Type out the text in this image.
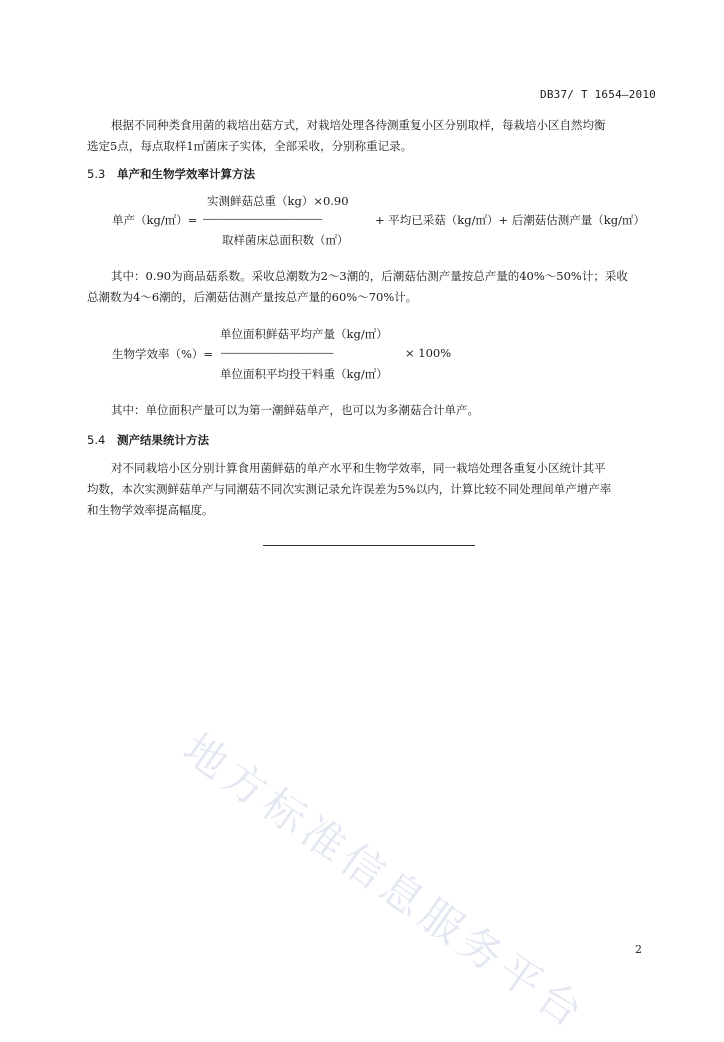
DB37/ T 1654—2010
根据不同种类食用菌的栽培出菇方式，对栽培处理各待测重复小区分别取样，每栽培小区自然均衡
选定5点，每点取样1㎡菌床子实体，全部采收，分别称重记录。
5.3 单产和生物学效率计算方法
实测鲜菇总重（kg）×0.90
单产（kg/㎡）= ——————————————————	+ 平均已采菇（kg/㎡）+ 后潮菇估测产量（kg/㎡）
取样菌床总面积数（㎡）
其中：0.90为商品菇系数。采收总潮数为2～3潮的，后潮菇估测产量按总产量的40%～50%计；采收
总潮数为4～6潮的，后潮菇估测产量按总产量的60%～70%计。
单位面积鲜菇平均产量（kg/㎡）
生物学效率（%）= —————————————————	× 100%
单位面积平均投干料重（kg/㎡）
其中：单位面积产量可以为第一潮鲜菇单产，也可以为多潮菇合计单产。
5.4 测产结果统计方法
对不同栽培小区分别计算食用菌鲜菇的单产水平和生物学效率，同一栽培处理各重复小区统计其平
均数，本次实测鲜菇单产与同潮菇不同次实测记录允许误差为5%以内，计算比较不同处理间单产增产率
和生物学效率提高幅度。
地方标准信息服务平台	2
